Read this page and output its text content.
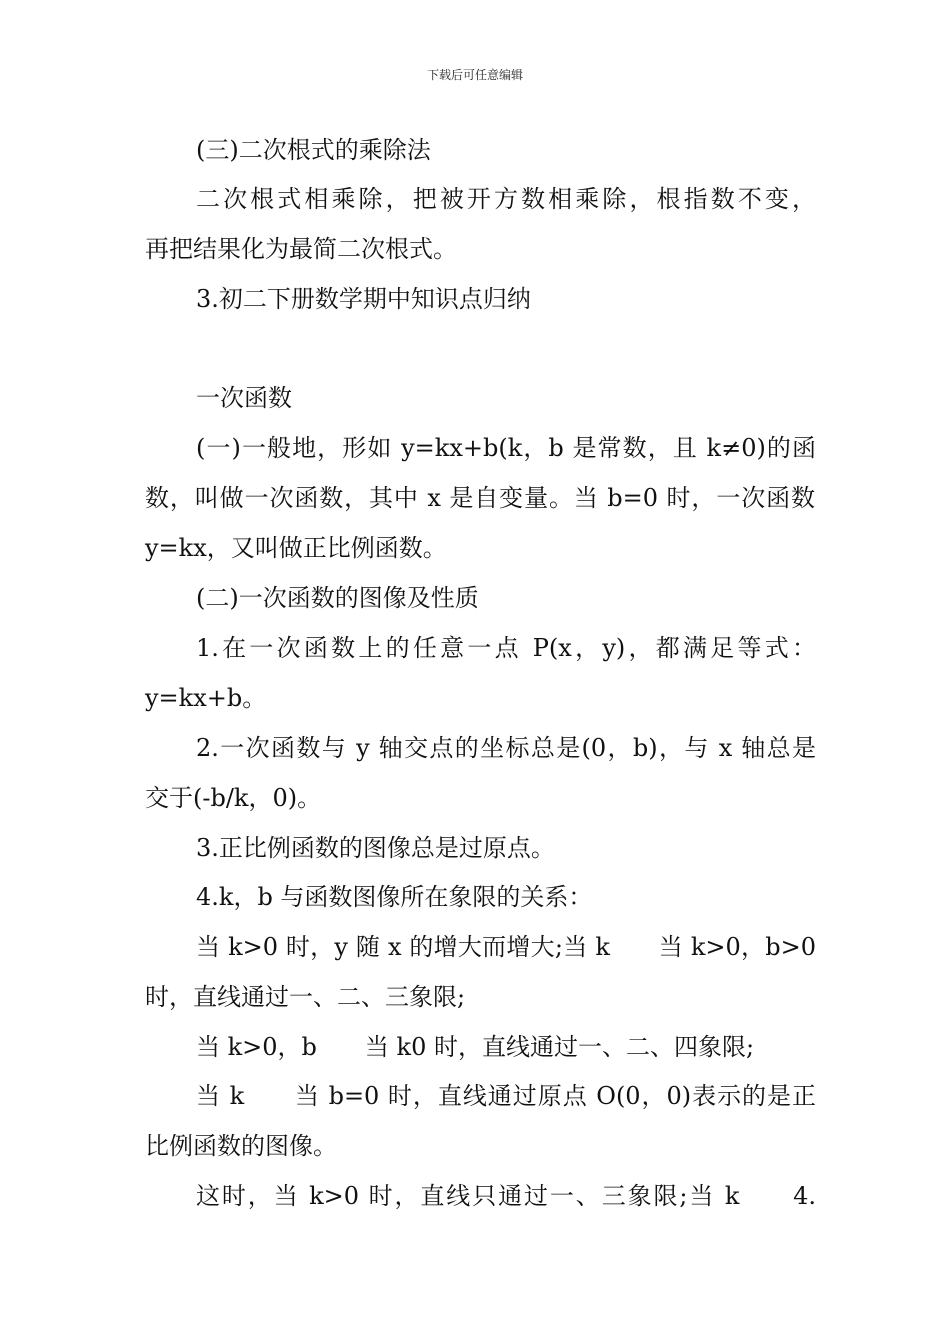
下载后可任意编辑
(三)二次根式的乘除法
二次根式相乘除，把被开方数相乘除，根指数不变，
再把结果化为最简二次根式。
3.初二下册数学期中知识点归纳
一次函数
(一)一般地，形如 y=kx+b(k，b 是常数，且 k≠0)的函
数，叫做一次函数，其中 x 是自变量。当 b=0 时，一次函数
y=kx，又叫做正比例函数。
(二)一次函数的图像及性质
1.在一次函数上的任意一点 P(x，y)，都满足等式：
y=kx+b。
2.一次函数与 y 轴交点的坐标总是(0，b)，与 x 轴总是
交于(-b/k，0)。
3.正比例函数的图像总是过原点。
4.k，b 与函数图像所在象限的关系：
当 k>0 时，y 随 x 的增大而增大;当 k　　当 k>0，b>0
时，直线通过一、二、三象限;
当 k>0，b　　当 k0 时，直线通过一、二、四象限;
当 k　　当 b=0 时，直线通过原点 O(0，0)表示的是正
比例函数的图像。
这时，当 k>0 时，直线只通过一、三象限;当 k　　4.
